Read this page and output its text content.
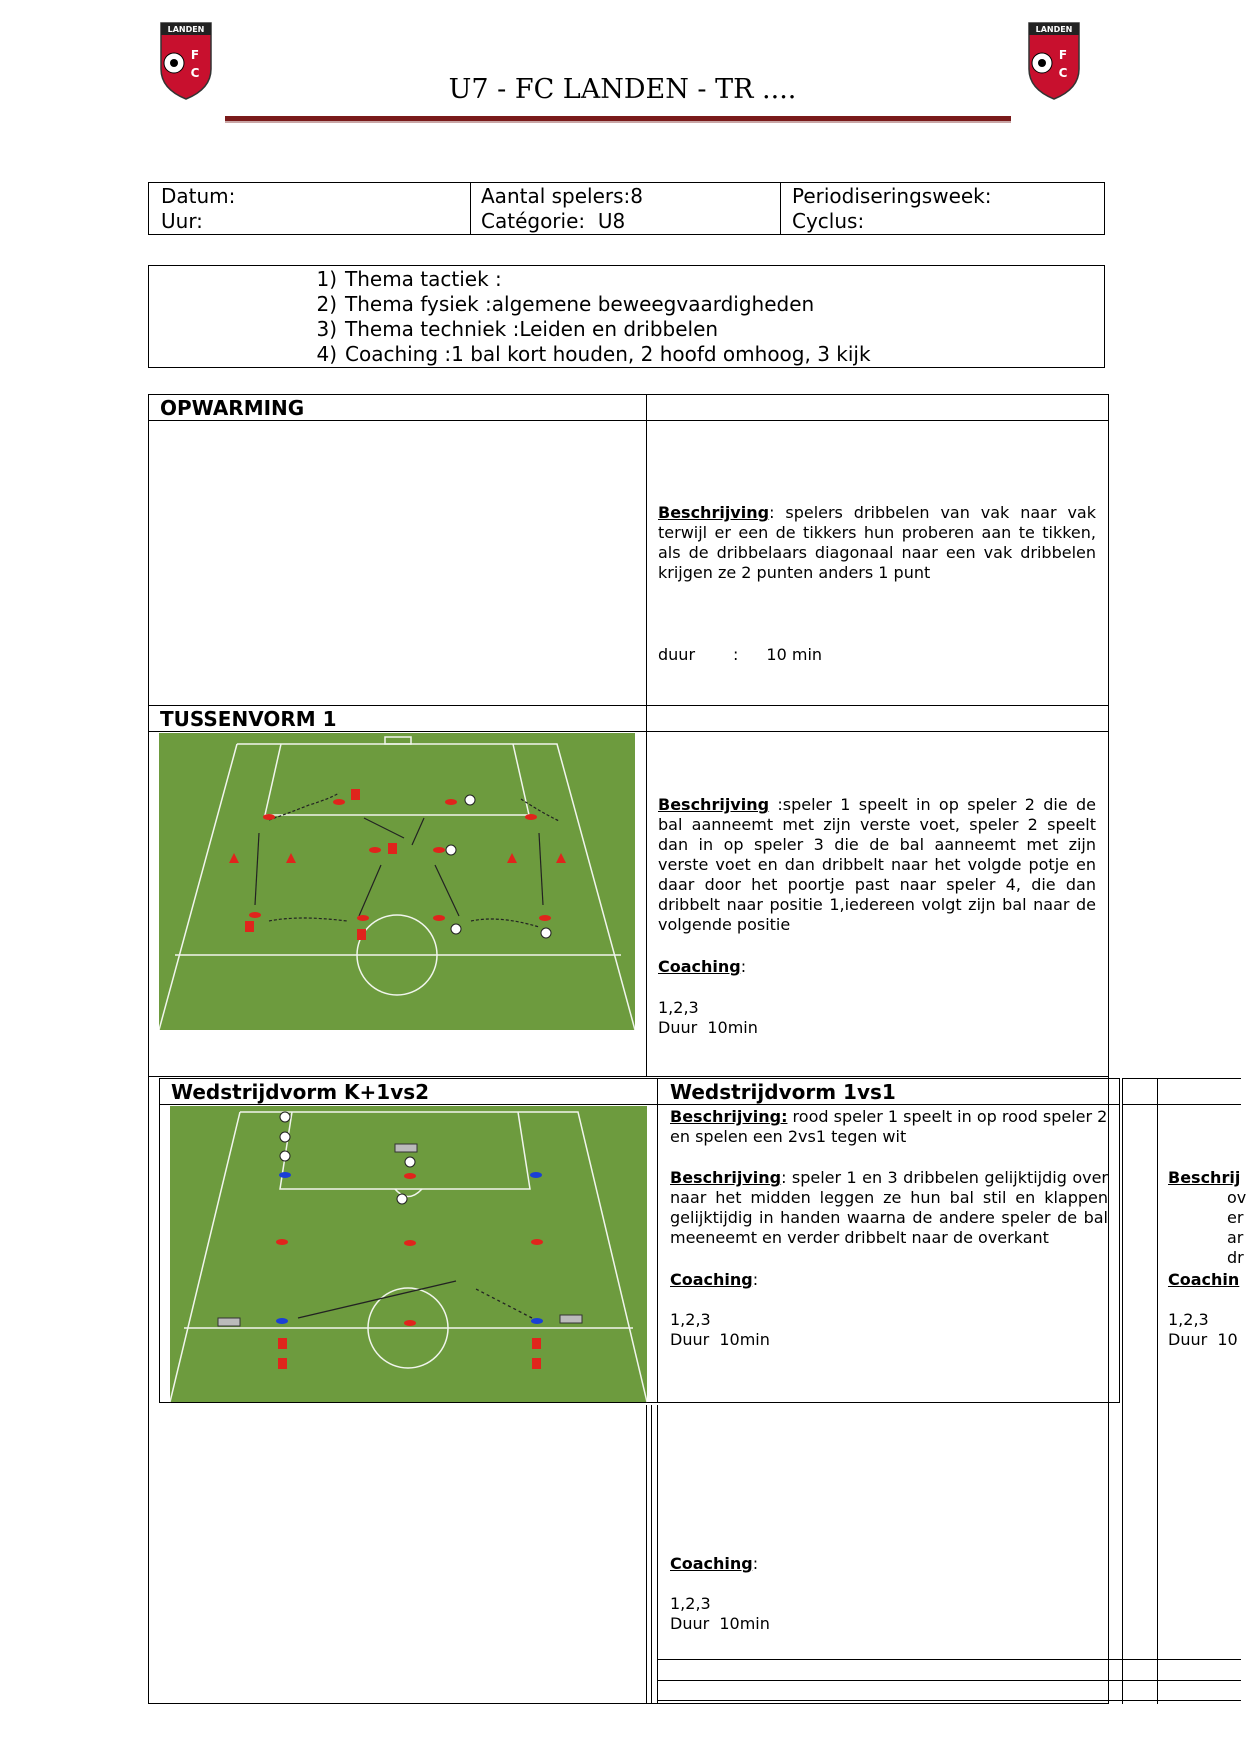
LANDEN
F
C
LANDEN
F
C
U7 - FC LANDEN - TR ....
Datum:
Uur:
Aantal spelers:8
Catégorie:  U8
Periodiseringsweek:
Cyclus:
1) Thema tactiek :
2) Thema fysiek :algemene beweegvaardigheden
3) Thema techniek :Leiden en dribbelen
4) Coaching :1 bal kort houden, 2 hoofd omhoog, 3 kijk
OPWARMING
Beschrijving: spelers dribbelen van vak naar vak terwijl er een de tikkers hun proberen aan te tikken, als de dribbelaars diagonaal naar een vak dribbelen krijgen ze 2 punten anders 1 punt
duur : 10 min
TUSSENVORM 1
Beschrijving :speler 1 speelt in op speler 2 die de bal aanneemt met zijn verste voet, speler 2 speelt dan in op speler 3 die de bal aanneemt met zijn verste voet en dan dribbelt naar het volgde potje en daar door het poortje past naar speler 4, die dan dribbelt naar positie 1,iedereen volgt zijn bal naar de volgende positie
Coaching:
1,2,3
Duur  10min
Wedstrijdvorm K+1vs2	Wedstrijdvorm 1vs1
Beschrijving: rood speler 1 speelt in op rood speler 2 en spelen een 2vs1 tegen wit
Beschrijving: speler 1 en 3 dribbelen gelijktijdig over naar het midden leggen ze hun bal stil en klappen gelijktijdig in handen waarna de andere speler de bal meeneemt en verder dribbelt naar de overkant
Coaching:
1,2,3
Duur  10min
Beschrij
ov
er
ar
dr
Coachin
1,2,3
Duur  10
Coaching:
1,2,3
Duur  10min
